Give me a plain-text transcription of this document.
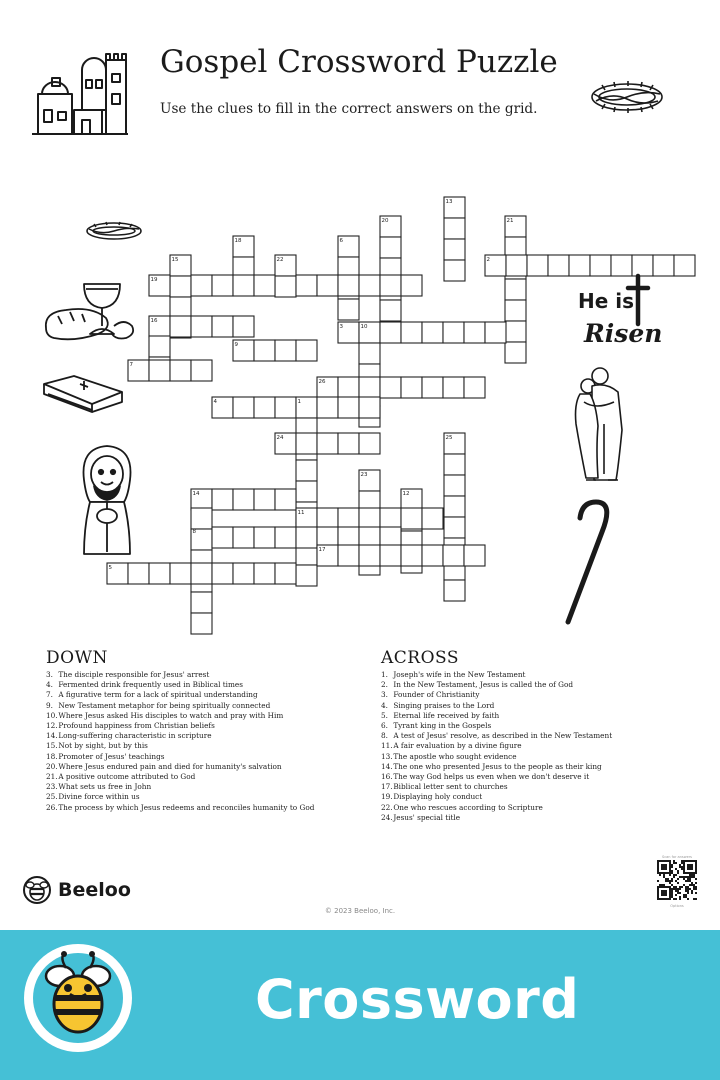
Gospel Crossword Puzzle
Use the clues to fill in the correct answers on the grid.
13
20	21
18	6
15	22	2
19
16
3	10
9
7
26
4	1
24	25
23
14	12
11
8
17
5
He is
Risen
DOWN
3. The disciple responsible for Jesus' arrest
4. Fermented drink frequently used in Biblical times
7. A figurative term for a lack of spiritual understanding
9. New Testament metaphor for being spiritually connected
10. Where Jesus asked His disciples to watch and pray with Him
12. Profound happiness from Christian beliefs
14. Long-suffering characteristic in scripture
15. Not by sight, but by this
18. Promoter of Jesus' teachings
20. Where Jesus endured pain and died for humanity's salvation
21. A positive outcome attributed to God
23. What sets us free in John
25. Divine force within us
26. The process by which Jesus redeems and reconciles humanity to God
ACROSS
1. Joseph's wife in the New Testament
2. In the New Testament, Jesus is called the of God
3. Founder of Christianity
4. Singing praises to the Lord
5. Eternal life received by faith
6. Tyrant king in the Gospels
8. A test of Jesus' resolve, as described in the New Testament
11. A fair evaluation by a divine figure
13. The apostle who sought evidence
14. The one who presented Jesus to the people as their king
16. The way God helps us even when we don't deserve it
17. Biblical letter sent to churches
19. Displaying holy conduct
22. One who rescues according to Scripture
24. Jesus' special title
Beeloo
© 2023 Beeloo, Inc.
Scan for answers
Options
Crossword
